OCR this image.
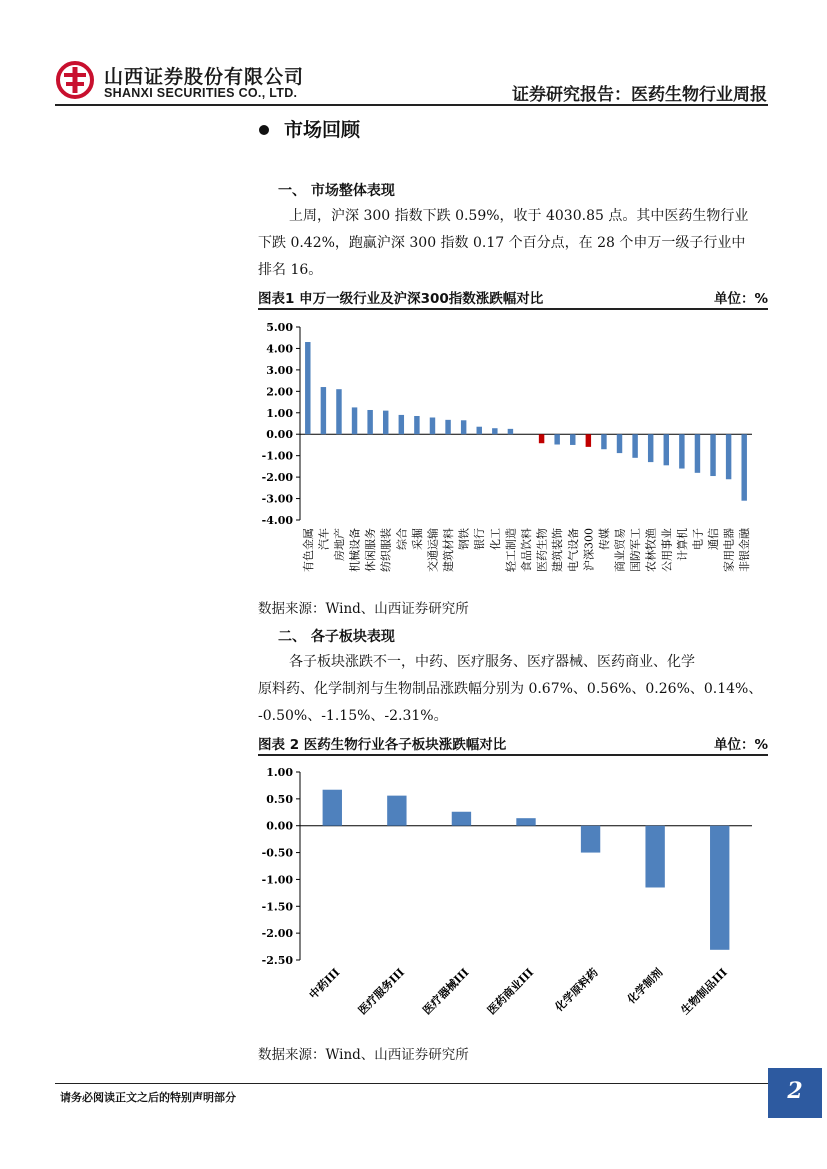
山西证券股份有限公司
SHANXI SECURITIES CO., LTD.	证券研究报告：医药生物行业周报
市场回顾
一、 市场整体表现
上周，沪深 300 指数下跌 0.59%，收于 4030.85 点。其中医药生物行业
下跌 0.42%，跑赢沪深 300 指数 0.17 个百分点，在 28 个申万一级子行业中
排名 16。
图表1 申万一级行业及沪深300指数涨跌幅对比	单位：%
5.00
4.00
3.00
2.00
1.00
0.00
-1.00
-2.00
-3.00
-4.00
有色金属 汽车 房地产 机械设备 休闲服务 纺织服装 综合 采掘 交通运输 建筑材料 钢铁 银行 化工 轻工制造 食品饮料 医药生物 建筑装饰 电气设备 沪深300 传媒 商业贸易 国防军工 农林牧渔 公用事业 计算机 电子 通信 家用电器 非银金融
数据来源：Wind、山西证券研究所
二、 各子板块表现
各子板块涨跌不一，中药、医疗服务、医疗器械、医药商业、化学
原料药、化学制剂与生物制品涨跌幅分别为 0.67%、0.56%、0.26%、0.14%、
-0.50%、-1.15%、-2.31%。
图表 2 医药生物行业各子板块涨跌幅对比	单位：%
1.00
0.50
0.00
-0.50
-1.00
-1.50
-2.00
-2.50
中药III 医疗服务III 医疗器械III 医药商业III 化学原料药 化学制剂 生物制品III
数据来源：Wind、山西证券研究所
请务必阅读正文之后的特别声明部分	2
